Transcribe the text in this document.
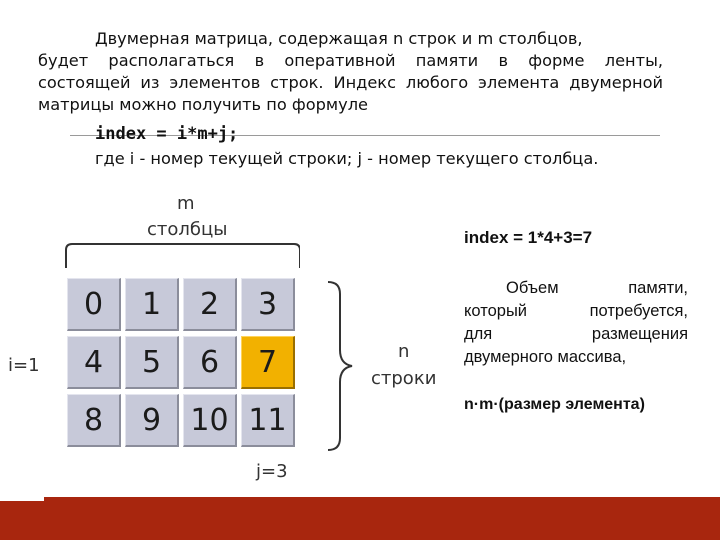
Двумерная матрица, содержащая n строк и m столбцов,
будет располагаться в оперативной памяти в форме ленты,
состоящей из элементов строк. Индекс любого элемента двумерной
матрицы можно получить по формуле
index = i*m+j;
где i - номер текущей строки; j - номер текущего столбца.
m
столбцы
0	1	2	3
4	5	6	7
8	9 10 11
n
строки
i=1
j=3
index = 1*4+3=7
Объем памяти,
который потребуется,
для размещения
двумерного массива,
n·m·(размер элемента)
